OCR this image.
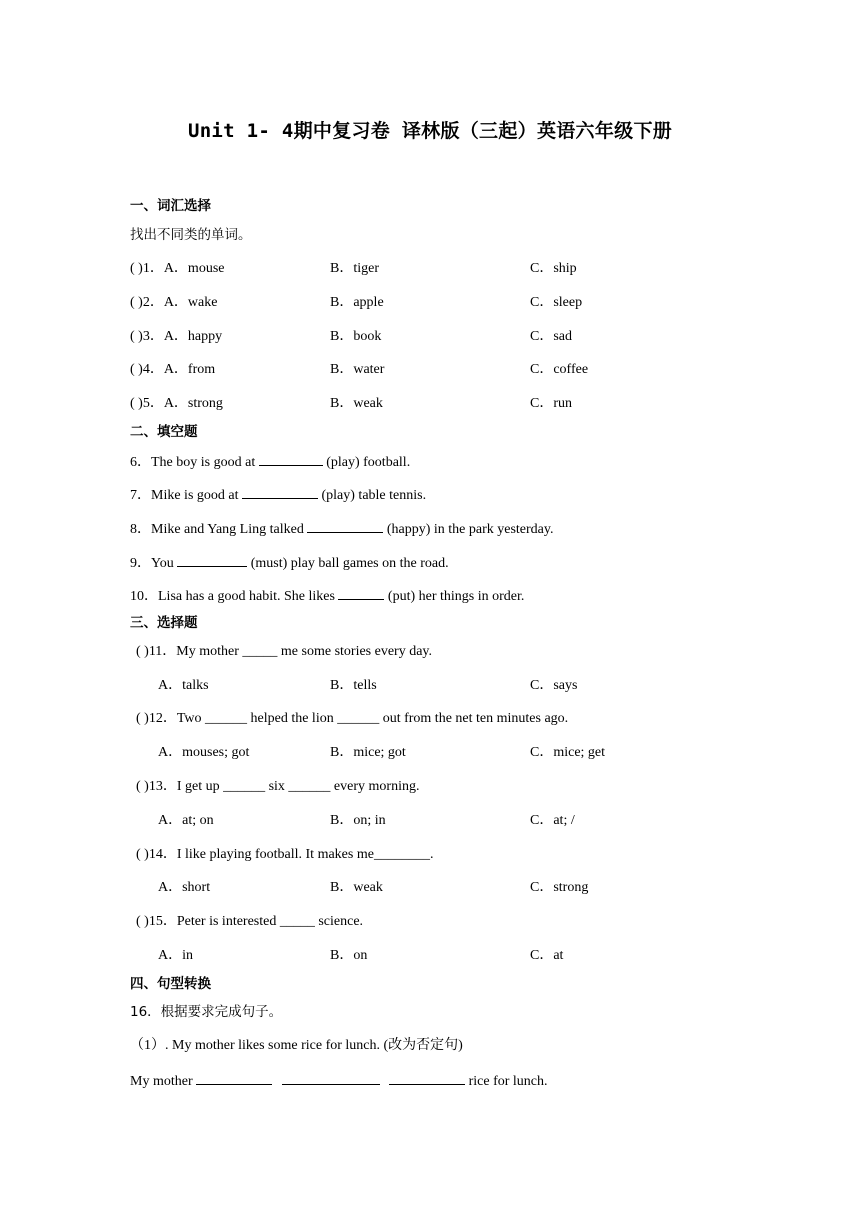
Unit 1- 4期中复习卷 译林版（三起）英语六年级下册
一、词汇选择
找出不同类的单词。
( )1．A．mouse	B．tiger	C．ship
( )2．A．wake	B．apple	C．sleep
( )3．A．happy	B．book	C．sad
( )4．A．from	B．water	C．coffee
( )5．A．strong	B．weak	C．run
二、填空题
6．The boy is good at	(play) football.
7．Mike is good at	(play) table tennis.
8．Mike and Yang Ling talked	(happy) in the park yesterday.
9．You	(must) play ball games on the road.
10．Lisa has a good habit. She likes	(put) her things in order.
三、选择题
( )11．My mother _____ me some stories every day.
A．talks	B．tells	C．says
( )12．Two ______ helped the lion ______ out from the net ten minutes ago.
A．mouses; got	B．mice; got	C．mice; get
( )13．I get up ______ six ______ every morning.
A．at; on	B．on; in	C．at; /
( )14．I like playing football. It makes me________.
A．short	B．weak	C．strong
( )15．Peter is interested _____ science.
A．in	B．on	C．at
四、句型转换
16．根据要求完成句子。
（1）. My mother likes some rice for lunch. (改为否定句)
My mother	rice for lunch.
